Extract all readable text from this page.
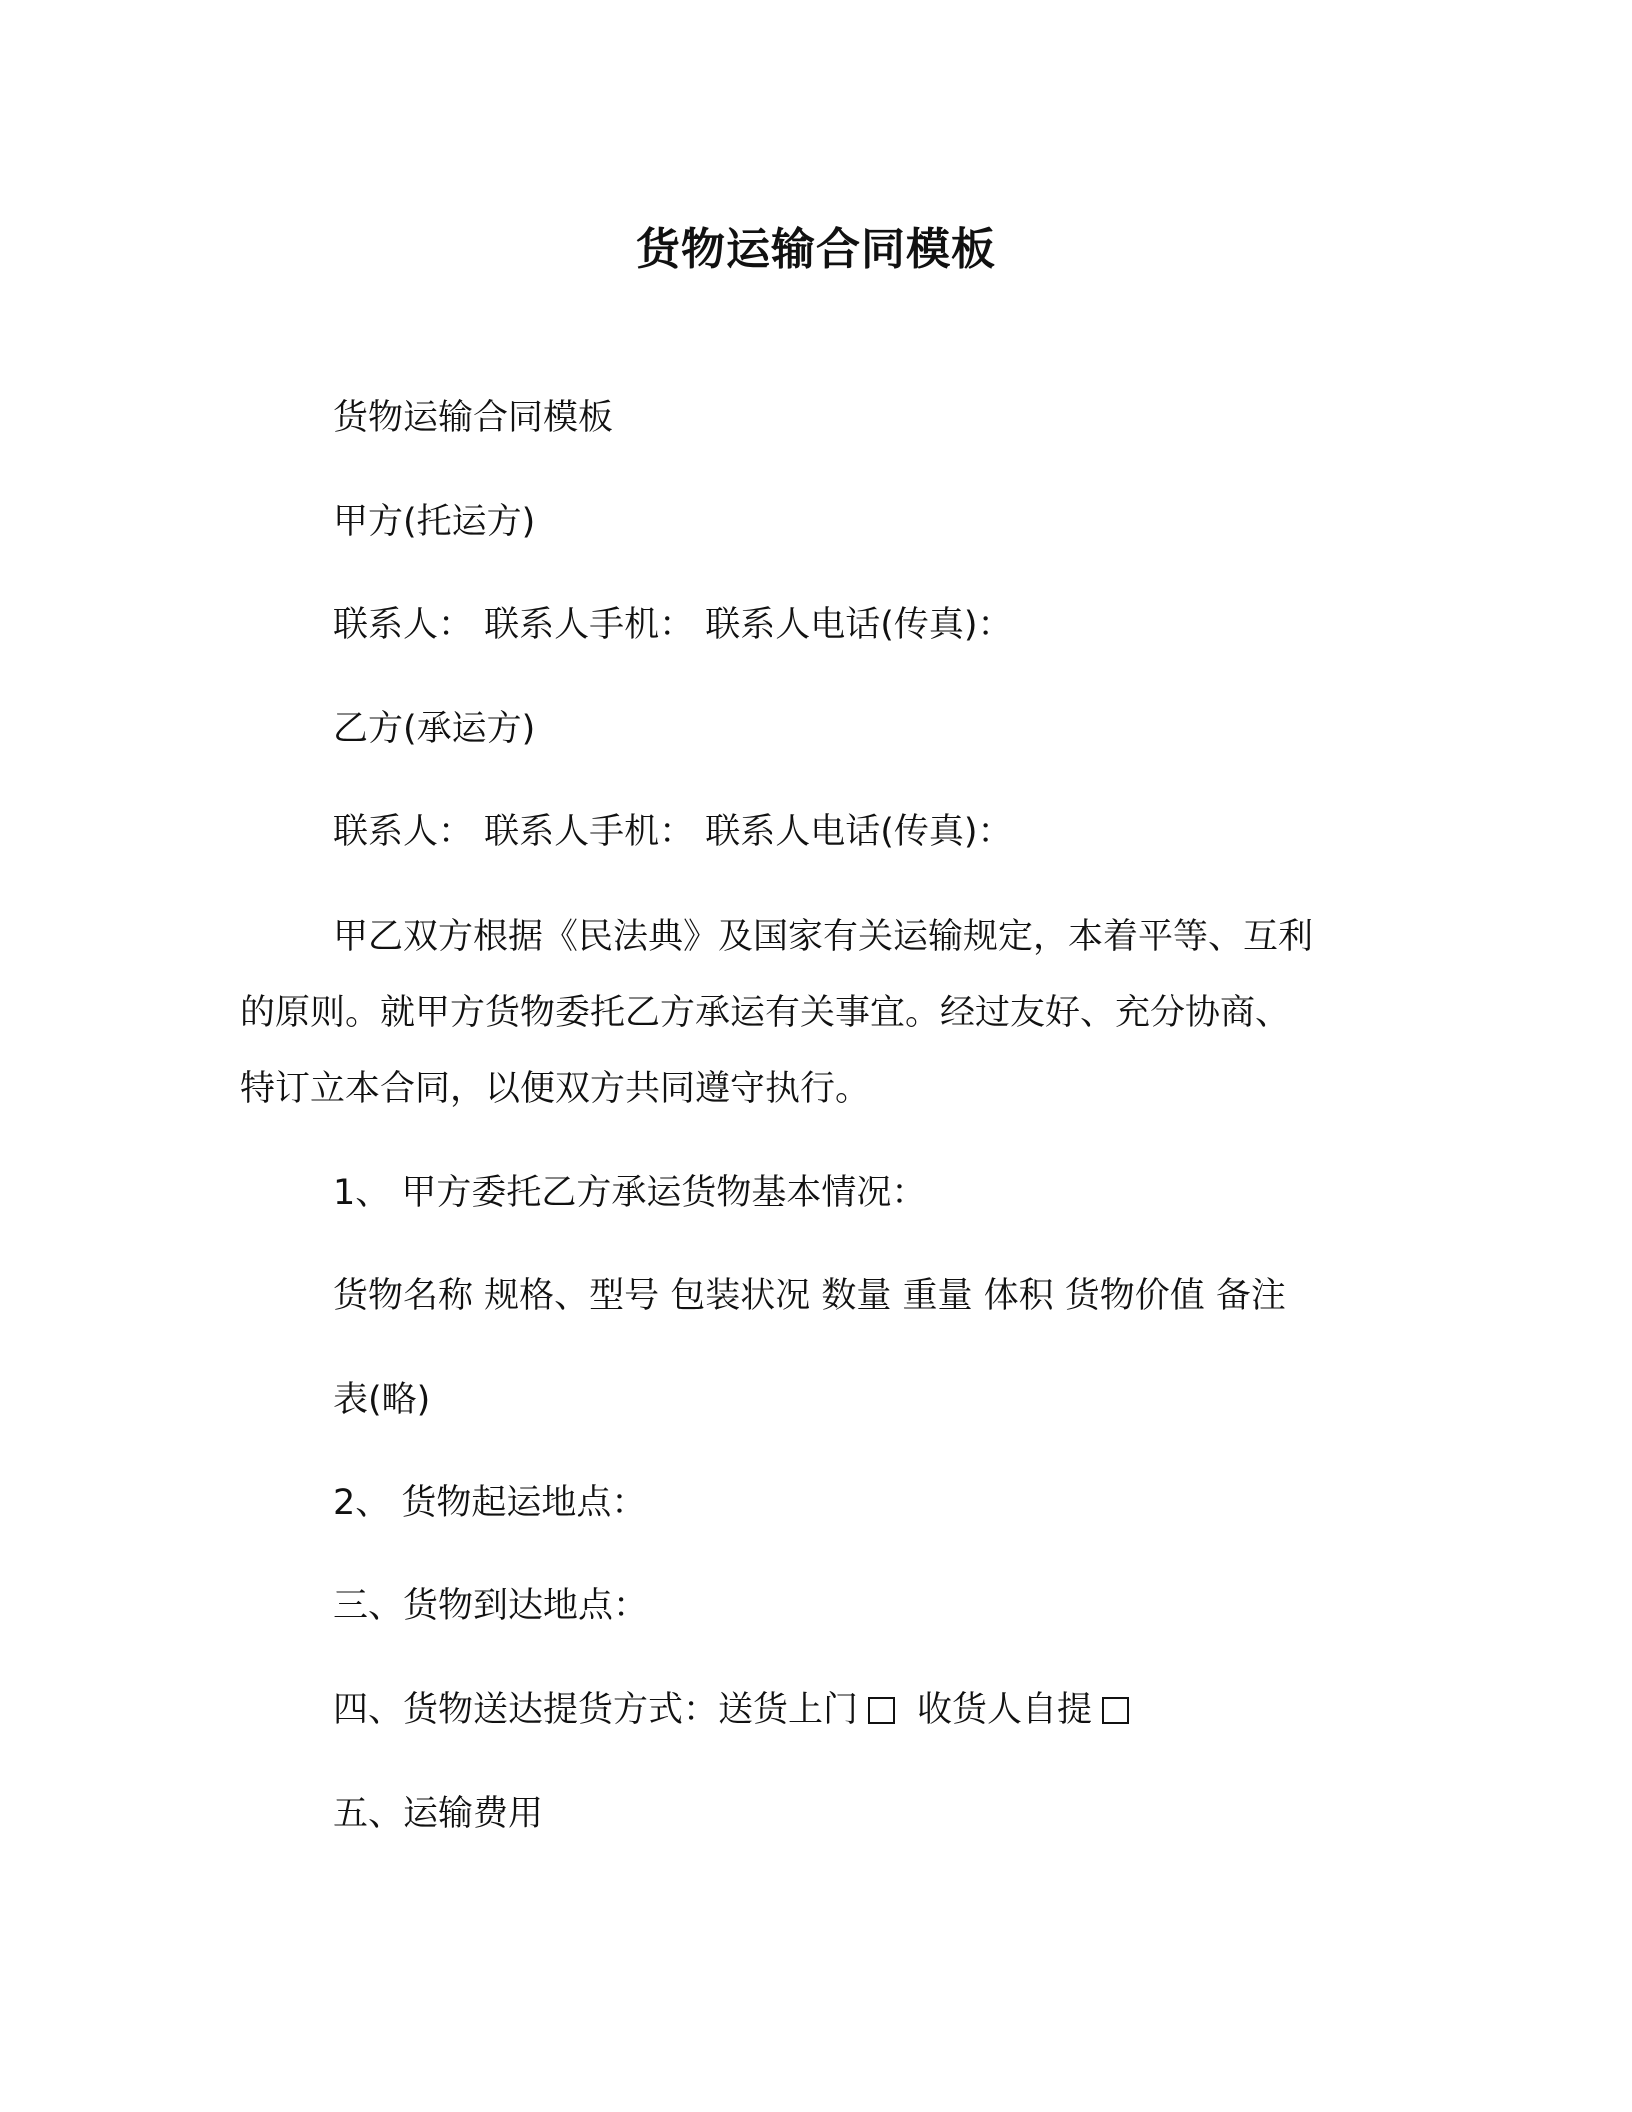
货物运输合同模板
货物运输合同模板
甲方(托运方)
联系人： 联系人手机： 联系人电话(传真)：
乙方(承运方)
联系人： 联系人手机： 联系人电话(传真)：
甲乙双方根据《民法典》及国家有关运输规定，本着平等、互利
的原则。就甲方货物委托乙方承运有关事宜。经过友好、充分协商、
特订立本合同，以便双方共同遵守执行。
1、 甲方委托乙方承运货物基本情况：
货物名称 规格、型号 包装状况 数量 重量 体积 货物价值 备注
表(略)
2、 货物起运地点：
三、货物到达地点：
四、货物送达提货方式：送货上门 收货人自提
五、运输费用
